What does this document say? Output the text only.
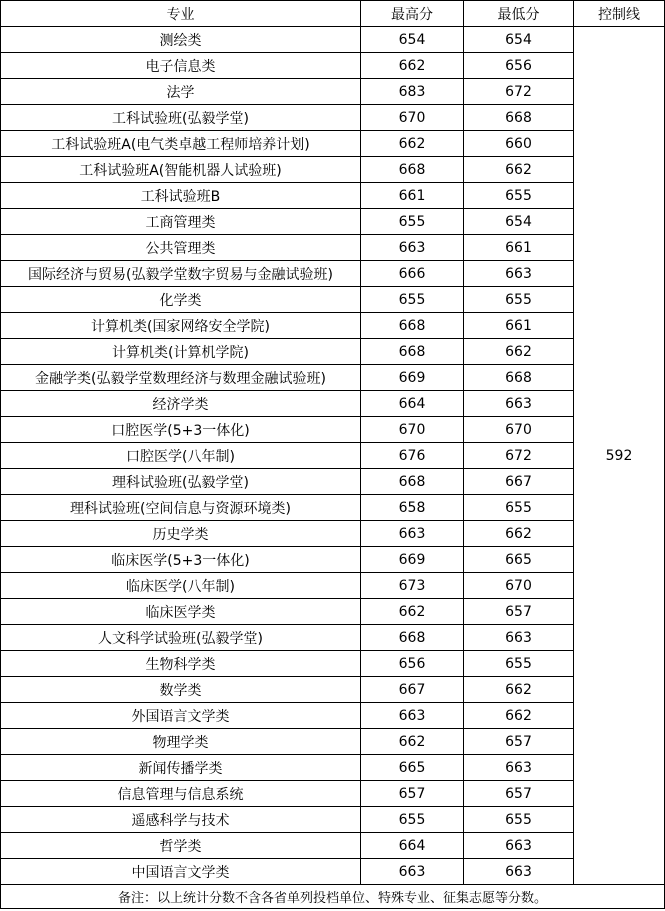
专业	最高分	最低分	控制线
测绘类	654	654	592
电子信息类	662	656	
法学	683	672	
工科试验班(弘毅学堂)	670	668	
工科试验班A(电气类卓越工程师培养计划)	662	660	
工科试验班A(智能机器人试验班)	668	662	
工科试验班B	661	655	
工商管理类	655	654	
公共管理类	663	661	
国际经济与贸易(弘毅学堂数字贸易与金融试验班)	666	663	
化学类	655	655	
计算机类(国家网络安全学院)	668	661	
计算机类(计算机学院)	668	662	
金融学类(弘毅学堂数理经济与数理金融试验班)	669	668	
经济学类	664	663	
口腔医学(5+3一体化)	670	670	
口腔医学(八年制)	676	672	
理科试验班(弘毅学堂)	668	667	
理科试验班(空间信息与资源环境类)	658	655	
历史学类	663	662	
临床医学(5+3一体化)	669	665	
临床医学(八年制)	673	670	
临床医学类	662	657	
人文科学试验班(弘毅学堂)	668	663	
生物科学类	656	655	
数学类	667	662	
外国语言文学类	663	662	
物理学类	662	657	
新闻传播学类	665	663	
信息管理与信息系统	657	657	
遥感科学与技术	655	655	
哲学类	664	663	
中国语言文学类	663	663	
备注：以上统计分数不含各省单列投档单位、特殊专业、征集志愿等分数。			
